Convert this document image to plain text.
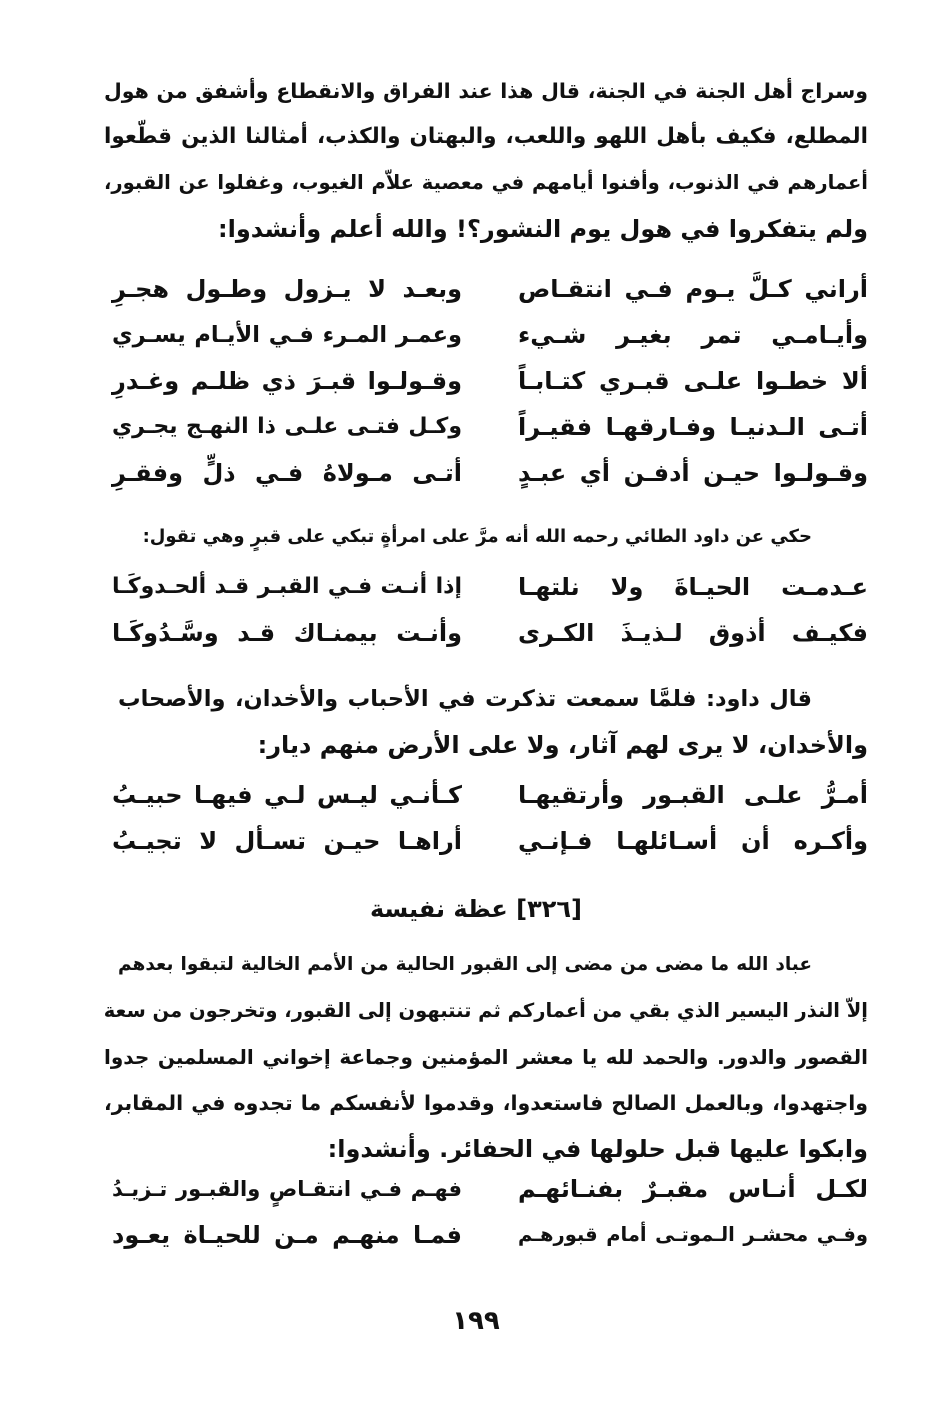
وسراج أهل الجنة في الجنة، قال هذا عند الفراق والانقطاع وأشفق من هول
المطلع، فكيف بأهل اللهو واللعب، والبهتان والكذب، أمثالنا الذين قطّعوا
أعمارهم في الذنوب، وأفنوا أيامهم في معصية علاّم الغيوب، وغفلوا عن القبور،
ولم يتفكروا في هول يوم النشور؟! والله أعلم وأنشدوا:
أراني كـلَّ يـوم فـي انتقـاص
وبعـد لا يـزول وطـول هجـرِ
وأيـامـي تمر بغيـر شـيء
وعمـر المـرء فـي الأيـام يسـري
ألا خطـوا علـى قبـري كتـابـاً
وقـولـوا قبـرَ ذي ظلـم وغـدرِ
أتـى الـدنيـا وفـارقهـا فقيـراً
وكـل فتـى علـى ذا النهـج يجـري
وقـولـوا حيـن أدفـن أي عبـدٍ
أتـى مـولاهُ فـي ذلٍّ وفقـرِ
حكي عن داود الطائي رحمه الله أنه مرَّ على امرأةٍ تبكي على قبرٍ وهي تقول:
عـدمـت الحيـاةَ ولا نلتهـا
إذا أنـت فـي القبـر قـد ألحـدوكَـا
فكيـف أذوق لـذيـذَ الكـرى
وأنـت بيمنـاك قـد وسَّـدُوكَـا
قال داود: فلمَّا سمعت تذكرت في الأحباب والأخدان، والأصحاب
والأخدان، لا يرى لهم آثار، ولا على الأرض منهم ديار:
أمـرُّ علـى القبـور وأرتقيهـا
كـأنـي ليـس لـي فيهـا حبيـبُ
وأكـره أن أسـائلهـا فـإنـي
أراهـا حيـن تسـأل لا تجيـبُ
[٣٢٦] عظة نفيسة
عباد الله ما مضى من مضى إلى القبور الحالية من الأمم الخالية لتبقوا بعدهم
إلاّ النذر اليسير الذي بقي من أعماركم ثم تنتبهون إلى القبور، وتخرجون من سعة
القصور والدور. والحمد لله يا معشر المؤمنين وجماعة إخواني المسلمين جدوا
واجتهدوا، وبالعمل الصالح فاستعدوا، وقدموا لأنفسكم ما تجدوه في المقابر،
وابكوا عليها قبل حلولها في الحفائر. وأنشدوا:
لكـل أنـاس مقبـرٌ بفنـائهـم
فهـم فـي انتقـاصٍ والقبـور تـزيـدُ
وفـي محشـر الـموتـى أمام قبورهـم
فمـا منهـم مـن للحيـاة يعـود
١٩٩
